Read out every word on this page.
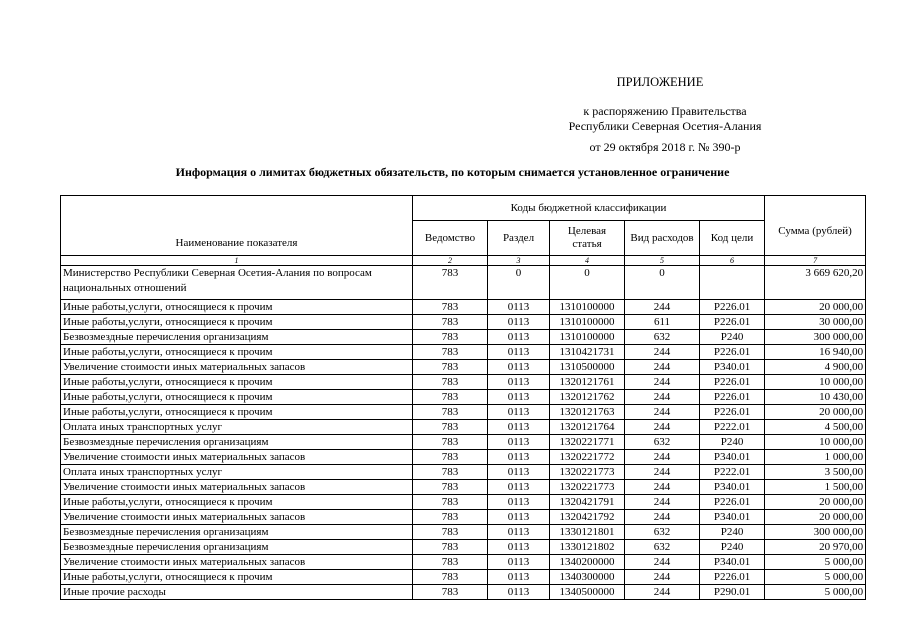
ПРИЛОЖЕНИЕ
к распоряжению Правительства
Республики Северная Осетия-Алания
от 29 октября 2018 г. № 390-р
Информация о лимитах бюджетных обязательств, по которым снимается установленное ограничение
Наименование показателя	Коды бюджетной классификации					Сумма (рублей)
	Ведомство	Раздел	Целевая статья	Вид расходов	Код цели	
1	2	3	4	5	6	7
Министерство Республики Северная Осетия-Алания по вопросам национальных отношений	783	0	0	0		3 669 620,20
Иные работы,услуги, относящиеся к прочим	783	0113	1310100000	244	Р226.01	20 000,00
Иные работы,услуги, относящиеся к прочим	783	0113	1310100000	611	Р226.01	30 000,00
Безвозмездные перечисления организациям	783	0113	1310100000	632	Р240	300 000,00
Иные работы,услуги, относящиеся к прочим	783	0113	1310421731	244	Р226.01	16 940,00
Увеличение стоимости иных материальных запасов	783	0113	1310500000	244	Р340.01	4 900,00
Иные работы,услуги, относящиеся к прочим	783	0113	1320121761	244	Р226.01	10 000,00
Иные работы,услуги, относящиеся к прочим	783	0113	1320121762	244	Р226.01	10 430,00
Иные работы,услуги, относящиеся к прочим	783	0113	1320121763	244	Р226.01	20 000,00
Оплата иных транспортных услуг	783	0113	1320121764	244	Р222.01	4 500,00
Безвозмездные перечисления организациям	783	0113	1320221771	632	Р240	10 000,00
Увеличение стоимости иных материальных запасов	783	0113	1320221772	244	Р340.01	1 000,00
Оплата иных транспортных услуг	783	0113	1320221773	244	Р222.01	3 500,00
Увеличение стоимости иных материальных запасов	783	0113	1320221773	244	Р340.01	1 500,00
Иные работы,услуги, относящиеся к прочим	783	0113	1320421791	244	Р226.01	20 000,00
Увеличение стоимости иных материальных запасов	783	0113	1320421792	244	Р340.01	20 000,00
Безвозмездные перечисления организациям	783	0113	1330121801	632	Р240	300 000,00
Безвозмездные перечисления организациям	783	0113	1330121802	632	Р240	20 970,00
Увеличение стоимости иных материальных запасов	783	0113	1340200000	244	Р340.01	5 000,00
Иные работы,услуги, относящиеся к прочим	783	0113	1340300000	244	Р226.01	5 000,00
Иные прочие расходы	783	0113	1340500000	244	Р290.01	5 000,00
